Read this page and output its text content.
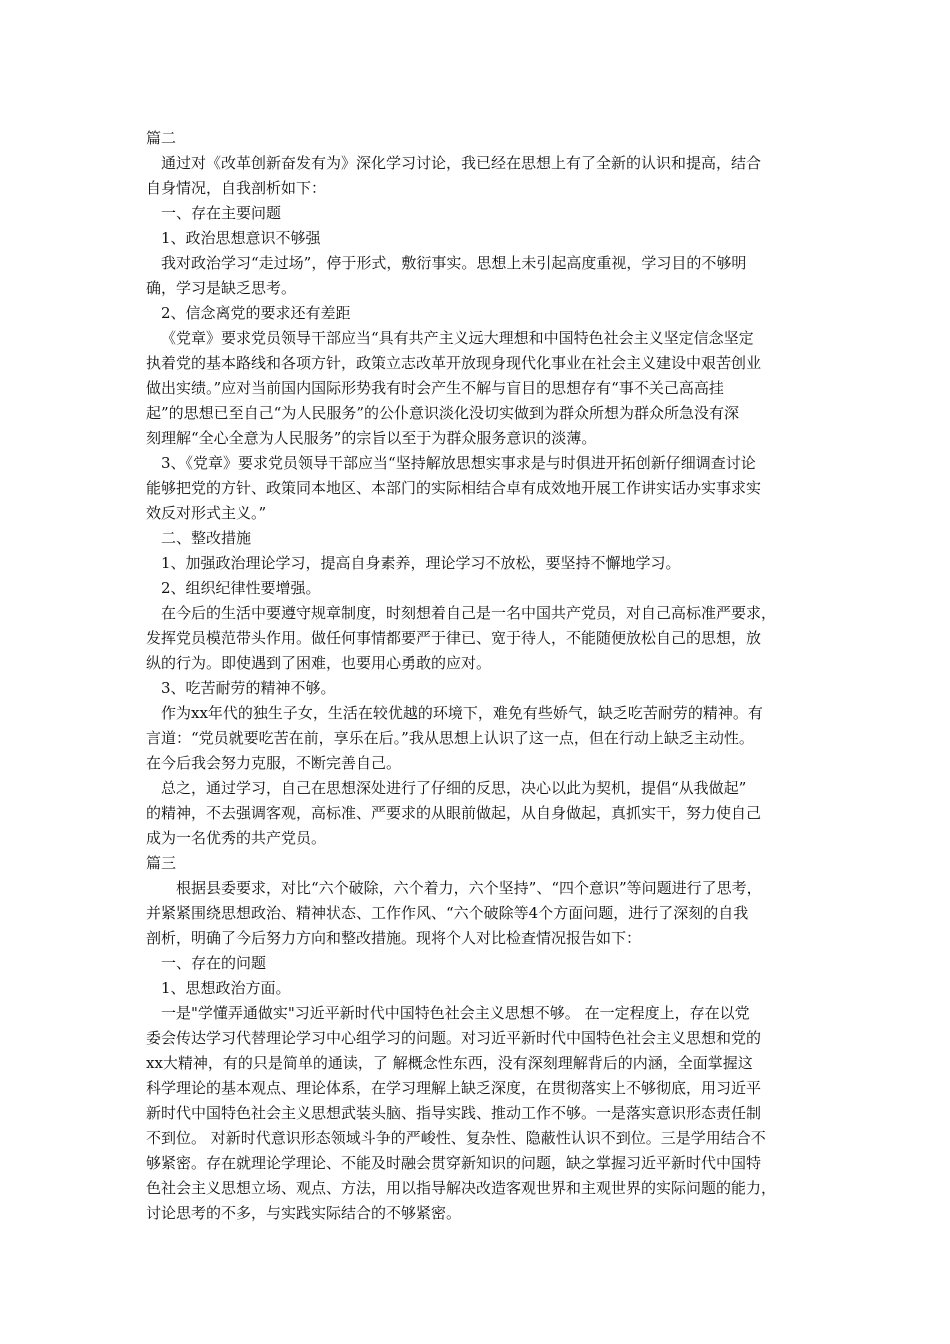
篇二
通过对《改革创新奋发有为》深化学习讨论，我已经在思想上有了全新的认识和提高，结合
自身情况，自我剖析如下：
一、存在主要问题
1、政治思想意识不够强
我对政治学习“走过场”，停于形式，敷衍事实。思想上未引起高度重视，学习目的不够明
确，学习是缺乏思考。
2、信念离党的要求还有差距
《党章》要求党员领导干部应当“具有共产主义远大理想和中国特色社会主义坚定信念坚定
执着党的基本路线和各项方针，政策立志改革开放现身现代化事业在社会主义建设中艰苦创业
做出实绩。”应对当前国内国际形势我有时会产生不解与盲目的思想存有“事不关己高高挂
起”的思想已至自己“为人民服务”的公仆意识淡化没切实做到为群众所想为群众所急没有深
刻理解“全心全意为人民服务”的宗旨以至于为群众服务意识的淡薄。
3、《党章》要求党员领导干部应当“坚持解放思想实事求是与时俱进开拓创新仔细调查讨论
能够把党的方针、政策同本地区、本部门的实际相结合卓有成效地开展工作讲实话办实事求实
效反对形式主义。”
二、整改措施
1、加强政治理论学习，提高自身素养，理论学习不放松，要坚持不懈地学习。
2、组织纪律性要增强。
在今后的生活中要遵守规章制度，时刻想着自己是一名中国共产党员，对自己高标准严要求，
发挥党员模范带头作用。做任何事情都要严于律已、宽于待人，不能随便放松自己的思想，放
纵的行为。即使遇到了困难，也要用心勇敢的应对。
3、吃苦耐劳的精神不够。
作为xx年代的独生子女，生活在较优越的环境下，难免有些娇气，缺乏吃苦耐劳的精神。有
言道：“党员就要吃苦在前，享乐在后。”我从思想上认识了这一点，但在行动上缺乏主动性。
在今后我会努力克服，不断完善自己。
总之，通过学习，自己在思想深处进行了仔细的反思，决心以此为契机，提倡“从我做起”
的精神，不去强调客观，高标准、严要求的从眼前做起，从自身做起，真抓实干，努力使自己
成为一名优秀的共产党员。
篇三
根据县委要求，对比“六个破除，六个着力，六个坚持”、“四个意识”等问题进行了思考，
并紧紧围绕思想政治、精神状态、工作作风、“六个破除等4个方面问题，进行了深刻的自我
剖析，明确了今后努力方向和整改措施。现将个人对比检查情况报告如下：
一、存在的问题
1、思想政治方面。
一是"学懂弄通做实"习近平新时代中国特色社会主义思想不够。 在一定程度上，存在以党
委会传达学习代替理论学习中心组学习的问题。对习近平新时代中国特色社会主义思想和党的
xx大精神，有的只是简单的通读，了 解概念性东西，没有深刻理解背后的内涵，全面掌握这
科学理论的基本观点、理论体系，在学习理解上缺乏深度，在贯彻落实上不够彻底，用习近平
新时代中国特色社会主义思想武装头脑、指导实践、推动工作不够。一是落实意识形态责任制
不到位。 对新时代意识形态领域斗争的严峻性、复杂性、隐蔽性认识不到位。三是学用结合不
够紧密。存在就理论学理论、不能及时融会贯穿新知识的问题，缺之掌握习近平新时代中国特
色社会主义思想立场、观点、方法，用以指导解决改造客观世界和主观世界的实际问题的能力，
讨论思考的不多，与实践实际结合的不够紧密。
